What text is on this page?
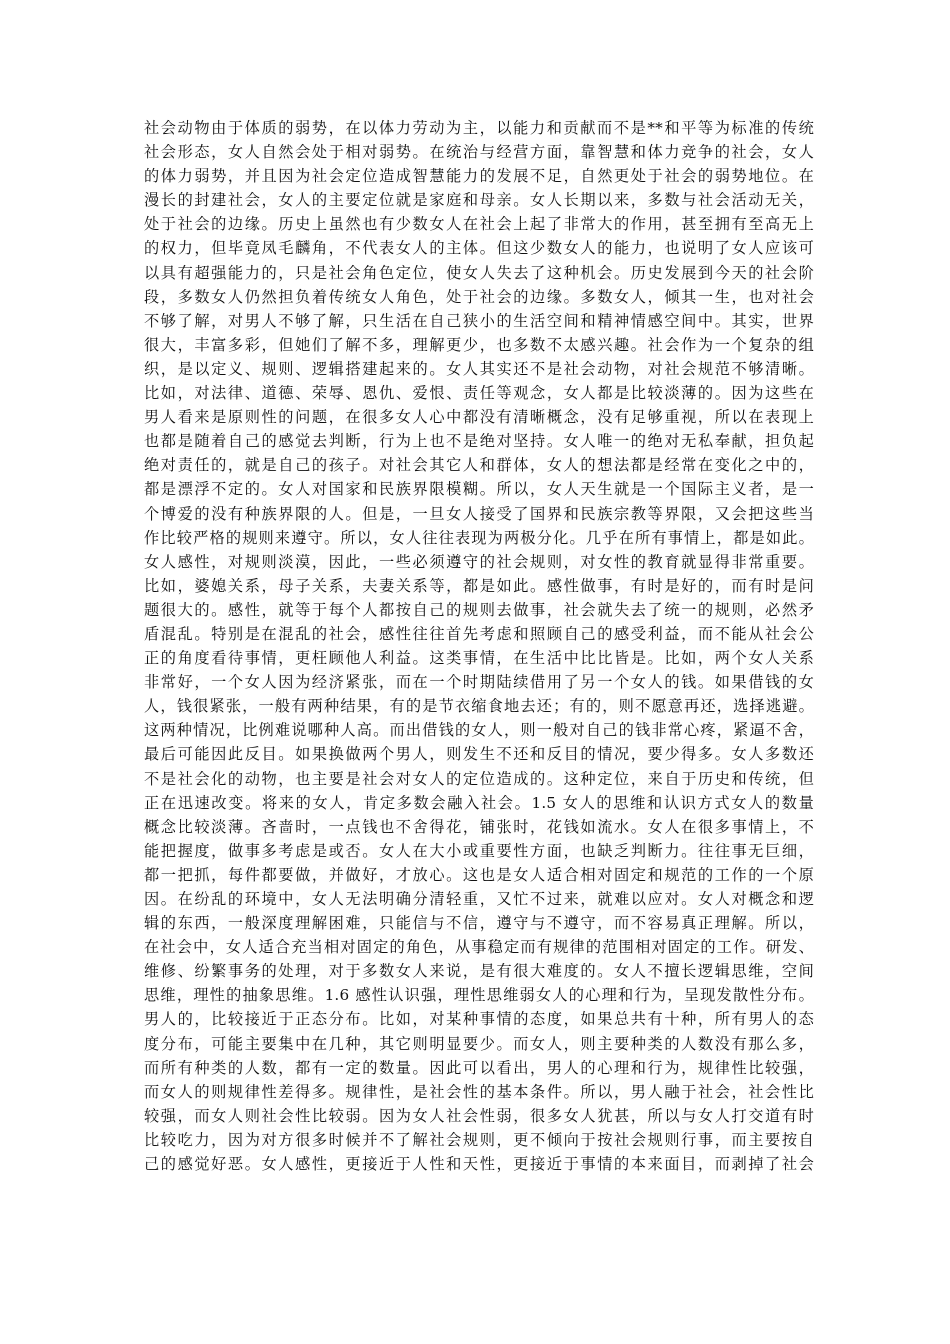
社会动物由于体质的弱势，在以体力劳动为主，以能力和贡献而不是**和平等为标准的传统
社会形态，女人自然会处于相对弱势。在统治与经营方面，靠智慧和体力竞争的社会，女人
的体力弱势，并且因为社会定位造成智慧能力的发展不足，自然更处于社会的弱势地位。在
漫长的封建社会，女人的主要定位就是家庭和母亲。女人长期以来，多数与社会活动无关，
处于社会的边缘。历史上虽然也有少数女人在社会上起了非常大的作用，甚至拥有至高无上
的权力，但毕竟凤毛麟角，不代表女人的主体。但这少数女人的能力，也说明了女人应该可
以具有超强能力的，只是社会角色定位，使女人失去了这种机会。历史发展到今天的社会阶
段，多数女人仍然担负着传统女人角色，处于社会的边缘。多数女人，倾其一生，也对社会
不够了解，对男人不够了解，只生活在自己狭小的生活空间和精神情感空间中。其实，世界
很大，丰富多彩，但她们了解不多，理解更少，也多数不太感兴趣。社会作为一个复杂的组
织，是以定义、规则、逻辑搭建起来的。女人其实还不是社会动物，对社会规范不够清晰。
比如，对法律、道德、荣辱、恩仇、爱恨、责任等观念，女人都是比较淡薄的。因为这些在
男人看来是原则性的问题，在很多女人心中都没有清晰概念，没有足够重视，所以在表现上
也都是随着自己的感觉去判断，行为上也不是绝对坚持。女人唯一的绝对无私奉献，担负起
绝对责任的，就是自己的孩子。对社会其它人和群体，女人的想法都是经常在变化之中的，
都是漂浮不定的。女人对国家和民族界限模糊。所以，女人天生就是一个国际主义者，是一
个博爱的没有种族界限的人。但是，一旦女人接受了国界和民族宗教等界限，又会把这些当
作比较严格的规则来遵守。所以，女人往往表现为两极分化。几乎在所有事情上，都是如此。
女人感性，对规则淡漠，因此，一些必须遵守的社会规则，对女性的教育就显得非常重要。
比如，婆媳关系，母子关系，夫妻关系等，都是如此。感性做事，有时是好的，而有时是问
题很大的。感性，就等于每个人都按自己的规则去做事，社会就失去了统一的规则，必然矛
盾混乱。特别是在混乱的社会，感性往往首先考虑和照顾自己的感受利益，而不能从社会公
正的角度看待事情，更枉顾他人利益。这类事情，在生活中比比皆是。比如，两个女人关系
非常好，一个女人因为经济紧张，而在一个时期陆续借用了另一个女人的钱。如果借钱的女
人，钱很紧张，一般有两种结果，有的是节衣缩食地去还；有的，则不愿意再还，选择逃避。
这两种情况，比例难说哪种人高。而出借钱的女人，则一般对自己的钱非常心疼，紧逼不舍，
最后可能因此反目。如果换做两个男人，则发生不还和反目的情况，要少得多。女人多数还
不是社会化的动物，也主要是社会对女人的定位造成的。这种定位，来自于历史和传统，但
正在迅速改变。将来的女人，肯定多数会融入社会。1.5 女人的思维和认识方式女人的数量
概念比较淡薄。吝啬时，一点钱也不舍得花，铺张时，花钱如流水。女人在很多事情上，不
能把握度，做事多考虑是或否。女人在大小或重要性方面，也缺乏判断力。往往事无巨细，
都一把抓，每件都要做，并做好，才放心。这也是女人适合相对固定和规范的工作的一个原
因。在纷乱的环境中，女人无法明确分清轻重，又忙不过来，就难以应对。女人对概念和逻
辑的东西，一般深度理解困难，只能信与不信，遵守与不遵守，而不容易真正理解。所以，
在社会中，女人适合充当相对固定的角色，从事稳定而有规律的范围相对固定的工作。研发、
维修、纷繁事务的处理，对于多数女人来说，是有很大难度的。女人不擅长逻辑思维，空间
思维，理性的抽象思维。1.6 感性认识强，理性思维弱女人的心理和行为，呈现发散性分布。
男人的，比较接近于正态分布。比如，对某种事情的态度，如果总共有十种，所有男人的态
度分布，可能主要集中在几种，其它则明显要少。而女人，则主要种类的人数没有那么多，
而所有种类的人数，都有一定的数量。因此可以看出，男人的心理和行为，规律性比较强，
而女人的则规律性差得多。规律性，是社会性的基本条件。所以，男人融于社会，社会性比
较强，而女人则社会性比较弱。因为女人社会性弱，很多女人犹甚，所以与女人打交道有时
比较吃力，因为对方很多时候并不了解社会规则，更不倾向于按社会规则行事，而主要按自
己的感觉好恶。女人感性，更接近于人性和天性，更接近于事情的本来面目，而剥掉了社会
